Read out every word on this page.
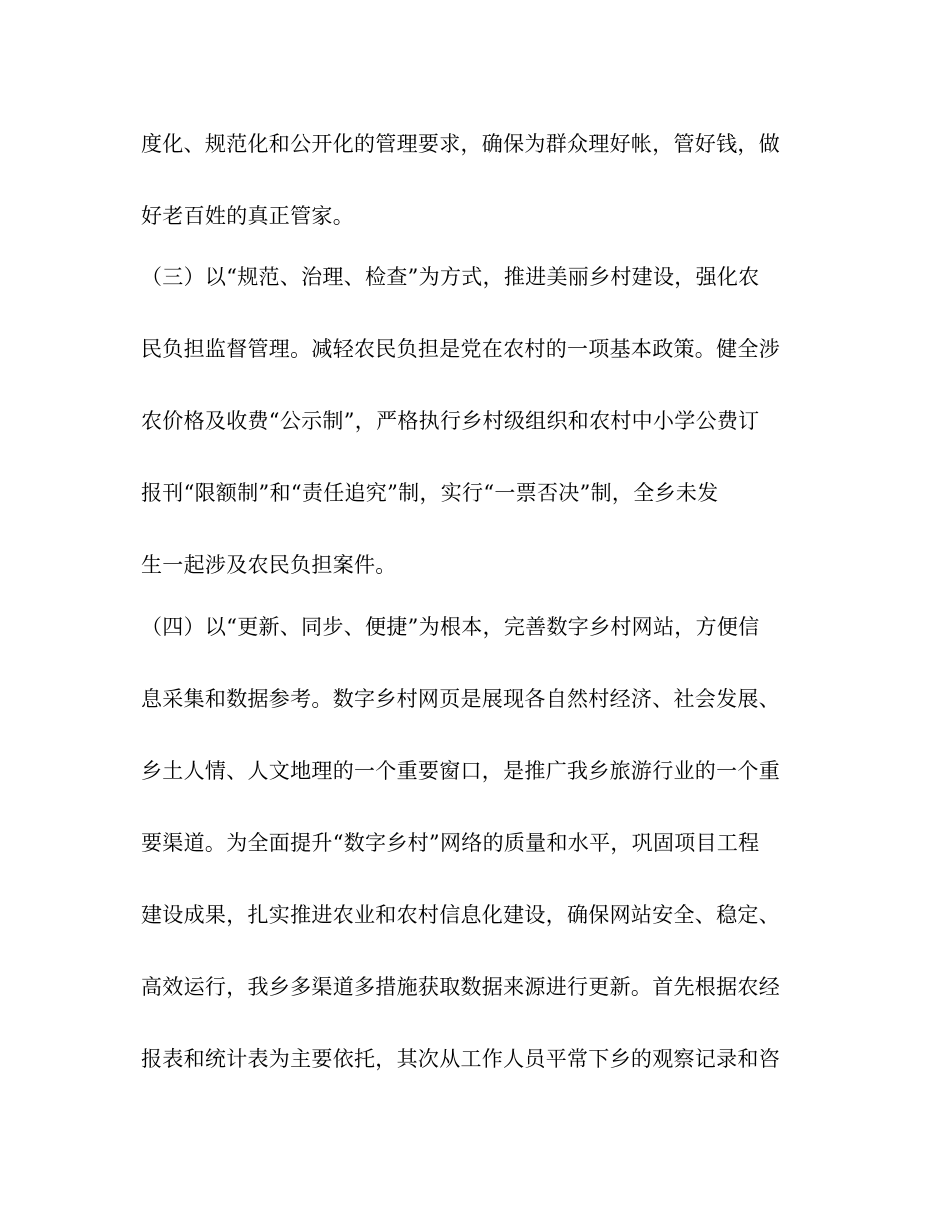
度化、规范化和公开化的管理要求，确保为群众理好帐，管好钱，做
好老百姓的真正管家。
（三）以“规范、治理、检查”为方式，推进美丽乡村建设，强化农
民负担监督管理。减轻农民负担是党在农村的一项基本政策。健全涉
农价格及收费“公示制”，严格执行乡村级组织和农村中小学公费订
报刊“限额制”和“责任追究”制，实行“一票否决”制，全乡未发
生一起涉及农民负担案件。
（四）以“更新、同步、便捷”为根本，完善数字乡村网站，方便信
息采集和数据参考。数字乡村网页是展现各自然村经济、社会发展、
乡土人情、人文地理的一个重要窗口，是推广我乡旅游行业的一个重
要渠道。为全面提升“数字乡村”网络的质量和水平，巩固项目工程
建设成果，扎实推进农业和农村信息化建设，确保网站安全、稳定、
高效运行，我乡多渠道多措施获取数据来源进行更新。首先根据农经
报表和统计表为主要依托，其次从工作人员平常下乡的观察记录和咨
